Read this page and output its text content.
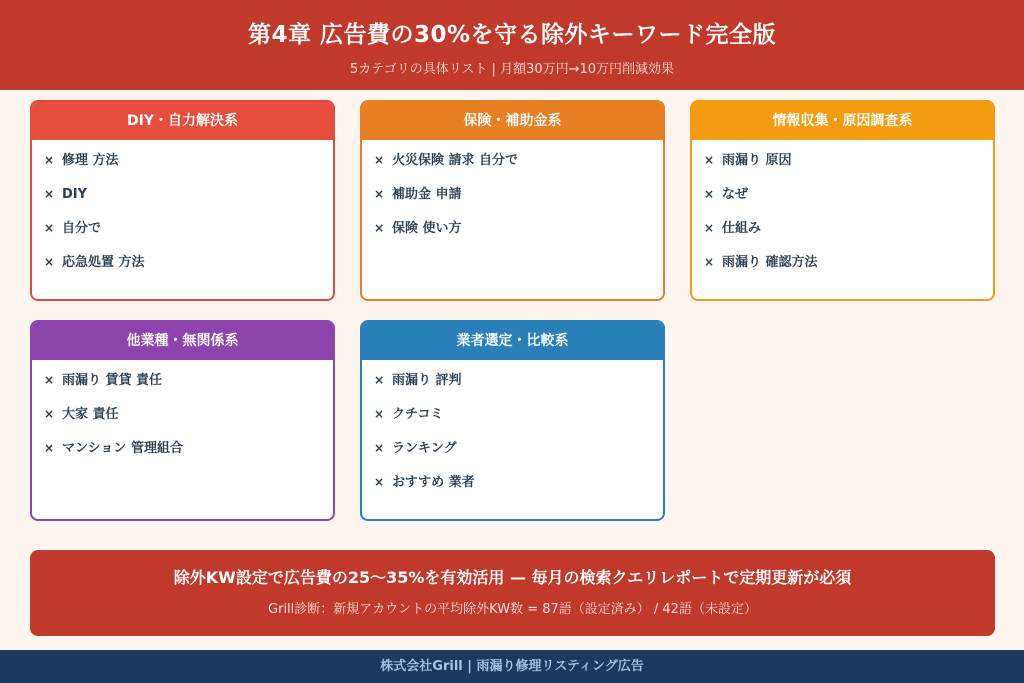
第4章 広告費の30%を守る除外キーワード完全版
5カテゴリの具体リスト | 月額30万円→10万円削減効果
DIY・自力解決系
× 修理 方法
× DIY
× 自分で
× 応急処置 方法
保険・補助金系
× 火災保険 請求 自分で
× 補助金 申請
× 保険 使い方
情報収集・原因調査系
× 雨漏り 原因
× なぜ
× 仕組み
× 雨漏り 確認方法
他業種・無関係系
× 雨漏り 賃貸 責任
× 大家 責任
× マンション 管理組合
業者選定・比較系
× 雨漏り 評判
× クチコミ
× ランキング
× おすすめ 業者
除外KW設定で広告費の25〜35%を有効活用 — 毎月の検索クエリレポートで定期更新が必須
Grill診断：新規アカウントの平均除外KW数 = 87語（設定済み） / 42語（未設定）
株式会社Grill | 雨漏り修理リスティング広告
